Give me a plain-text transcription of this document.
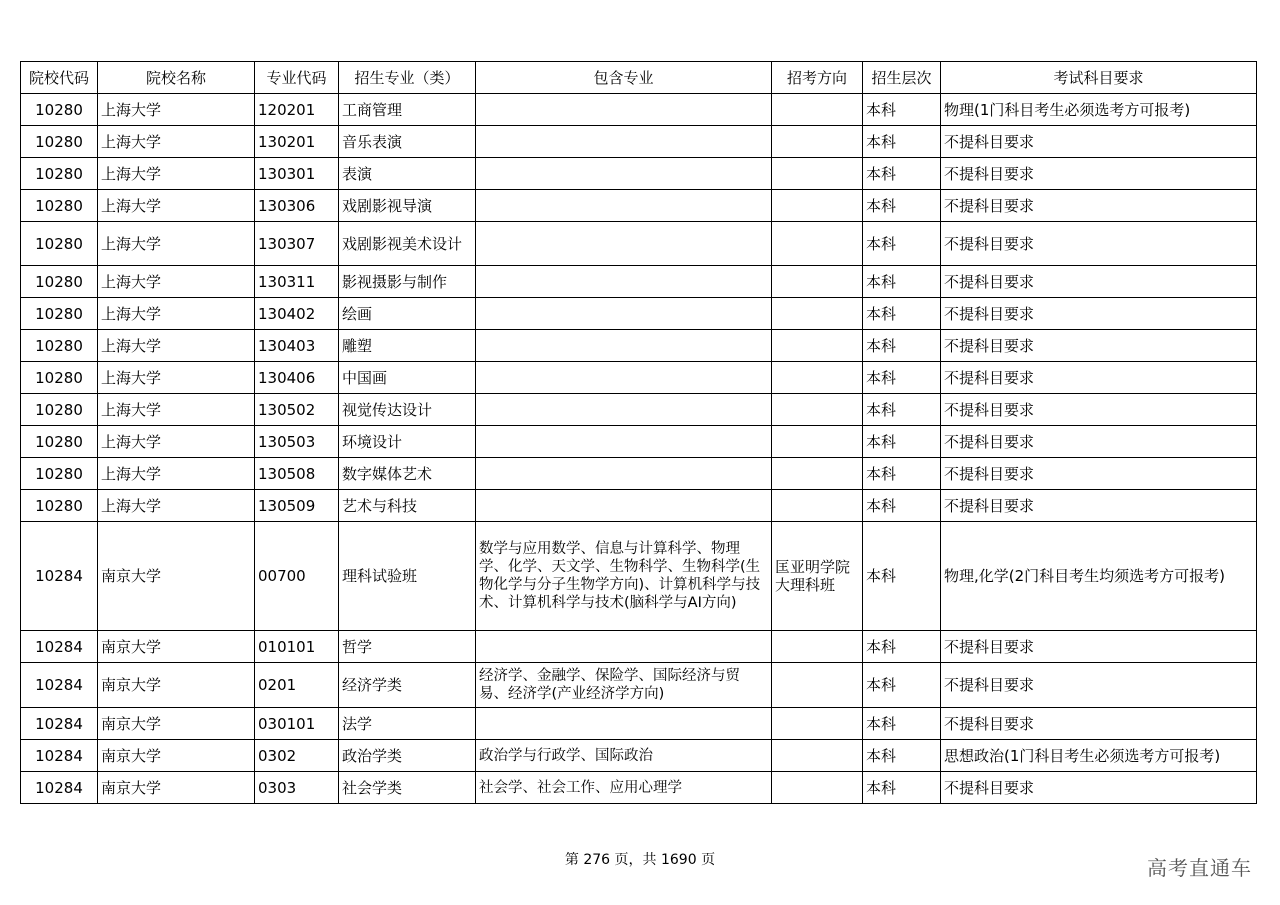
院校代码	院校名称	专业代码	招生专业（类）	包含专业	招考方向	招生层次	考试科目要求
10280	上海大学	120201	工商管理			本科	物理(1门科目考生必须选考方可报考)
10280	上海大学	130201	音乐表演			本科	不提科目要求
10280	上海大学	130301	表演			本科	不提科目要求
10280	上海大学	130306	戏剧影视导演			本科	不提科目要求
10280	上海大学	130307	戏剧影视美术设计			本科	不提科目要求
10280	上海大学	130311	影视摄影与制作			本科	不提科目要求
10280	上海大学	130402	绘画			本科	不提科目要求
10280	上海大学	130403	雕塑			本科	不提科目要求
10280	上海大学	130406	中国画			本科	不提科目要求
10280	上海大学	130502	视觉传达设计			本科	不提科目要求
10280	上海大学	130503	环境设计			本科	不提科目要求
10280	上海大学	130508	数字媒体艺术			本科	不提科目要求
10280	上海大学	130509	艺术与科技			本科	不提科目要求
10284	南京大学	00700	理科试验班	数学与应用数学、信息与计算科学、物理学、化学、天文学、生物科学、生物科学(生物化学与分子生物学方向)、计算机科学与技术、计算机科学与技术(脑科学与AI方向)	匡亚明学院大理科班	本科	物理,化学(2门科目考生均须选考方可报考)
10284	南京大学	010101	哲学			本科	不提科目要求
10284	南京大学	0201	经济学类	经济学、金融学、保险学、国际经济与贸易、经济学(产业经济学方向)		本科	不提科目要求
10284	南京大学	030101	法学			本科	不提科目要求
10284	南京大学	0302	政治学类	政治学与行政学、国际政治		本科	思想政治(1门科目考生必须选考方可报考)
10284	南京大学	0303	社会学类	社会学、社会工作、应用心理学		本科	不提科目要求
第 276 页，共 1690 页	高考直通车
